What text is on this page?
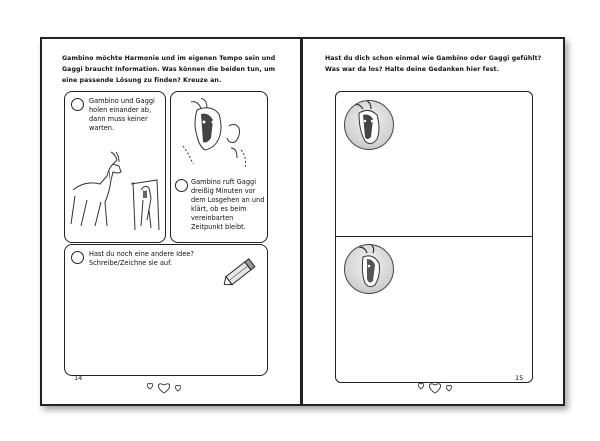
Gambino möchte Harmonie und im eigenen Tempo sein und Gaggi braucht Information. Was können die beiden tun, um eine passende Lösung zu finden? Kreuze an.
Gambino und Gaggi holen einander ab, dann muss keiner warten.
Gambino ruft Gaggi dreißig Minuten vor dem Losgehen an und klärt, ob es beim vereinbarten Zeitpunkt bleibt.
Hast du noch eine andere Idee? Schreibe/Zeichne sie auf.
14
Hast du dich schon einmal wie Gambino oder Gaggi gefühlt? Was war da los? Halte deine Gedanken hier fest.
15
